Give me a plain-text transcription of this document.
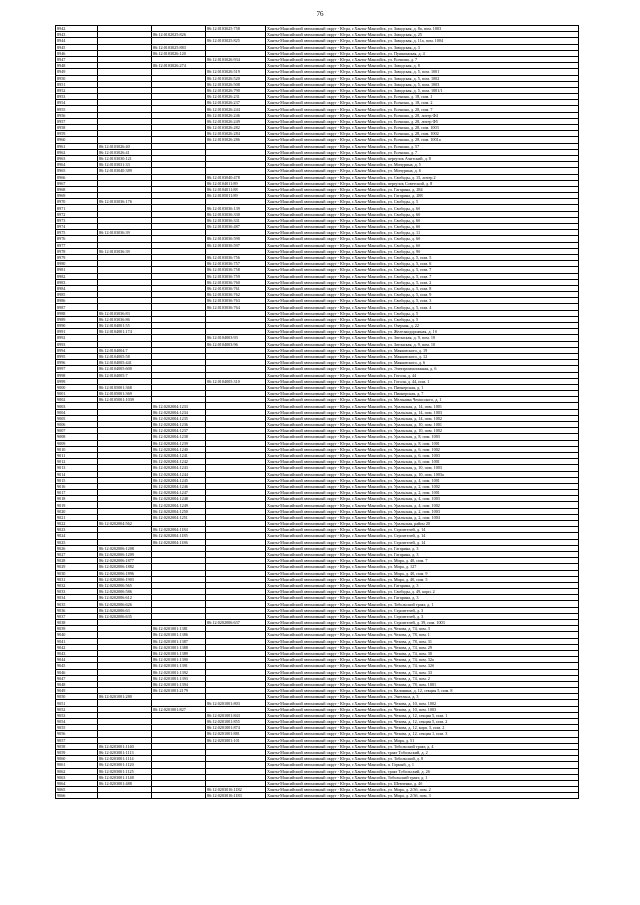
76
8942			86:12:0103025:758	Ханты-Мансийский автономный округ - Югра, г.Ханты-Мансийск, ул. Заводская, д. 8а, пом. 1003
8943		86:12:0102025:826		Ханты-Мансийский автономный округ - Югра, г.Ханты-Мансийск, ул. Заводская, д. 25
8944			86:12:0103025:825	Ханты-Мансийский автономный округ - Югра, г.Ханты-Мансийск, ул. Заводская, д. 11а, пом. 1004
8945		86:12:0103025:883		Ханты-Мансийский автономный округ - Югра, г.Ханты-Мансийск, ул. Заводская, д. 3
8946		86:12:0103026:120		Ханты-Мансийский автономный округ - Югра, г.Ханты-Мансийск, ул. Пушкинская, д. 4
8947			86:12:0103026:934	Ханты-Мансийский автономный округ - Югра, г.Ханты-Мансийск, ул. Есенина, д. 7
8948		86:12:0103026:274		Ханты-Мансийский автономный округ - Югра, г.Ханты-Мансийск, ул. Заводская, д. 8
8949			86:12:0103026:519	Ханты-Мансийский автономный округ - Югра, г.Ханты-Мансийск, ул. Заводская, д. 5, пом. 1001
8950			86:12:0103026:520	Ханты-Мансийский автономный округ - Югра, г.Ханты-Мансийск, ул. Заводская, д. 5, пом. 1002
8951			86:12:0103026:508	Ханты-Мансийский автономный округ - Югра, г.Ханты-Мансийск, ул. Заводская, д. 5, пом. 1003
8952			86:12:0103026:790	Ханты-Мансийский автономный округ - Югра, г.Ханты-Мансийск, ул. Заводская, д. 5, пом. 1001/1
8953			86:12:0103026:231	Ханты-Мансийский автономный округ - Югра, г.Ханты-Мансийск, ул. Есенина, д. 18, пом. 1
8954			86:12:0103026:237	Ханты-Мансийский автономный округ - Югра, г.Ханты-Мансийск, ул. Есенина, д. 18, пом. 2
8955			86:12:0103026:244	Ханты-Мансийский автономный округ - Югра, г.Ханты-Мансийск, ул. Есенина, д. 28, пом. 7
8956			86:12:0103026:246	Ханты-Мансийский автономный округ - Югра, г.Ханты-Мансийск, ул. Есенина, д. 28, литер Ф4
8957			86:12:0103026:249	Ханты-Мансийский автономный округ - Югра, г.Ханты-Мансийск, ул. Есенина, д. 28, литер Ф5
8958			86:12:0103026:282	Ханты-Мансийский автономный округ - Югра, г.Ханты-Мансийск, ул. Есенина, д. 28, пом. 1003
8959			86:12:0103026:284	Ханты-Мансийский автономный округ - Югра, г.Ханты-Мансийск, ул. Есенина, д. 28, пом. 1002
8960			86:12:0103026:286	Ханты-Мансийский автономный округ - Югра, г.Ханты-Мансийск, ул. Есенина, д. 28, пом. 1001а
8961	86:12:0103026:40			Ханты-Мансийский автономный округ - Югра, г.Ханты-Мансийск, ул. Есенина, д. 57
8962	86:12:0103026:41			Ханты-Мансийский автономный округ - Югра, г.Ханты-Мансийск, ул. Есенина, д. 7
8963	86:12:0103030:121			Ханты-Мансийский автономный округ - Югра, г.Ханты-Мансийск, переулок Ачитский, д. 8
8964	86:12:0103031:33			Ханты-Мансийский автономный округ - Югра, г.Ханты-Мансийск, ул. Мичурина, д. 5
8965	86:12:0103040:389			Ханты-Мансийский автономный округ - Югра, г.Ханты-Мансийск, ул. Мичурина, д. 6
8966			86:12:0103040:478	Ханты-Мансийский автономный округ - Югра, г.Ханты-Мансийск, ул. Свободы, д. 15, литер 2
8967			86:12:0104011:89	Ханты-Мансийский автономный округ - Югра, г.Ханты-Мансийск, переулок Советский, д. 8
8968			86:12:0104011:88	Ханты-Мансийский автономный округ - Югра, г.Ханты-Мансийск, ул. Гагарина, д. 284
8969			86:12:0105011:89	Ханты-Мансийский автономный округ - Югра, г.Ханты-Мансийск, ул. Гагарина, д. 288
8970	86:12:0103036:176			Ханты-Мансийский автономный округ - Югра, г.Ханты-Мансийск, ул. Свободы, д. 5
8971			86:12:0103036:139	Ханты-Мансийский автономный округ - Югра, г.Ханты-Мансийск, ул. Свободы, д. 6б
8972			86:12:0103036:330	Ханты-Мансийский автономный округ - Югра, г.Ханты-Мансийск, ул. Свободы, д. 6б
8973			86:12:0103036:331	Ханты-Мансийский автономный округ - Югра, г.Ханты-Мансийск, ул. Свободы, д. 6б
8974			86:12:0103036:487	Ханты-Мансийский автономный округ - Югра, г.Ханты-Мансийск, ул. Свободы, д. 6б
8975	86:12:0103036:39			Ханты-Мансийский автономный округ - Югра, г.Ханты-Мансийск, ул. Свободы, д. 11
8976			86:12:0103036:590	Ханты-Мансийский автономный округ - Югра, г.Ханты-Мансийск, ул. Свободы, д. 6б
8977			86:12:0103036:597	Ханты-Мансийский автономный округ - Югра, г.Ханты-Мансийск, ул. Свободы, д. 6б
8978	86:12:0103036:39			Ханты-Мансийский автономный округ - Югра, г.Ханты-Мансийск, ул. Свободы, д. 9б
8979			86:12:0103036:756	Ханты-Мансийский автономный округ - Югра, г.Ханты-Мансийск, ул. Свободы, д. 5, пом. 5
8980			86:12:0103036:757	Ханты-Мансийский автономный округ - Югра, г.Ханты-Мансийск, ул. Свободы, д. 5, пом. 6
8981			86:12:0103036:758	Ханты-Мансийский автономный округ - Югра, г.Ханты-Мансийск, ул. Свободы, д. 5, пом. 7
8982			86:12:0103036:759	Ханты-Мансийский автономный округ - Югра, г.Ханты-Мансийск, ул. Свободы, д. 5, пом. 7
8983			86:12:0103036:760	Ханты-Мансийский автономный округ - Югра, г.Ханты-Мансийск, ул. Свободы, д. 5, пом. 2
8984			86:12:0103036:761	Ханты-Мансийский автономный округ - Югра, г.Ханты-Мансийск, ул. Свободы, д. 5, пом. 8
8985			86:12:0103036:762	Ханты-Мансийский автономный округ - Югра, г.Ханты-Мансийск, ул. Свободы, д. 5, пом. 9
8986			86:12:0103036:763	Ханты-Мансийский автономный округ - Югра, г.Ханты-Мансийск, ул. Свободы, д. 5, пом. 3
8987			86:12:0103036:764	Ханты-Мансийский автономный округ - Югра, г.Ханты-Мансийск, ул. Свободы, д. 5, пом. 4
8988	86:12:0103036:83			Ханты-Мансийский автономный округ - Югра, г.Ханты-Мансийск, ул. Свободы, д. 5
8989	86:12:0103036:86			Ханты-Мансийский автономный округ - Югра, г.Ханты-Мансийск, ул. Свободы, д. 5
8990	86:12:0104001:55			Ханты-Мансийский автономный округ - Югра, г.Ханты-Мансийск, ул. Озерная, д. 22
8991	86:12:0104001:174			Ханты-Мансийский автономный округ - Югра, г.Ханты-Мансийск, ул. Железнодорожная, д. 1б
8992			86:12:0104003:93	Ханты-Мансийский автономный округ - Югра, г.Ханты-Мансийск, ул. Затонская, д. 9, пом. 10
8993			86:12:0104003:96	Ханты-Мансийский автономный округ - Югра, г.Ханты-Мансийск, ул. Затонская, д. 9, пом. 10
8994	86:12:0104004:7			Ханты-Мансийский автономный округ - Югра, г.Ханты-Мансийск, ул. Маяковского, д. 19
8995	86:12:0104005:58			Ханты-Мансийский автономный округ - Югра, г.Ханты-Мансийск, ул. Маяковского, д. 12
8996	86:12:0104005:441			Ханты-Мансийский автономный округ - Югра, г.Ханты-Мансийск, ул. Маяковского, д. 6
8997	86:12:0104005:600			Ханты-Мансийский автономный округ - Югра, г.Ханты-Мансийск, ул. Электромонтажная, д. 6
8998	86:12:0104005:7			Ханты-Мансийский автономный округ - Югра, г.Ханты-Мансийск, ул. Гоголя, д. 44
8999			86:12:0104005:310	Ханты-Мансийский автономный округ - Югра, г.Ханты-Мансийск, ул. Гоголя, д. 44, пом. 1
9000	86:12:0105001:368			Ханты-Мансийский автономный округ - Югра, г.Ханты-Мансийск, ул. Пионерская, д. 1
9001	86:12:0105001:369			Ханты-Мансийский автономный округ - Югра, г.Ханты-Мансийск, ул. Пионерская, д. 7
9002	86:12:0105001:1039			Ханты-Мансийский автономный округ - Югра, г.Ханты-Мансийск, ул. Мельника Чемасского, д. 1
9003		86:12:0202004:1233		Ханты-Мансийский автономный округ - Югра, г.Ханты-Мансийск, ул. Уральская, д. 14, пом. 1001
9004		86:12:0202004:1234		Ханты-Мансийский автономный округ - Югра, г.Ханты-Мансийск, ул. Уральская, д. 14, пом. 1003
9005		86:12:0202004:1235		Ханты-Мансийский автономный округ - Югра, г.Ханты-Мансийск, ул. Уральская, д. 14, пом. 1002
9006		86:12:0202004:1236		Ханты-Мансийский автономный округ - Югра, г.Ханты-Мансийск, ул. Уральская, д. 10, пом. 1001
9007		86:12:0202004:1237		Ханты-Мансийский автономный округ - Югра, г.Ханты-Мансийск, ул. Уральская, д. 10, пом. 1002
9008		86:12:0202004:1238		Ханты-Мансийский автономный округ - Югра, г.Ханты-Мансийск, ул. Уральская, д. 8, пом. 1003
9009		86:12:0202004:1239		Ханты-Мансийский автономный округ - Югра, г.Ханты-Мансийск, ул. Уральская, д. 8, пом. 1001
9010		86:12:0202004:1240		Ханты-Мансийский автономный округ - Югра, г.Ханты-Мансийск, ул. Уральская, д. 6, пом. 1002
9011		86:12:0202004:1241		Ханты-Мансийский автономный округ - Югра, г.Ханты-Мансийск, ул. Уральская, д. 6, пом. 1003
9012		86:12:0202004:1242		Ханты-Мансийский автономный округ - Югра, г.Ханты-Мансийск, ул. Уральская, д. 6, пом. 1001
9013		86:12:0202004:1243		Ханты-Мансийский автономный округ - Югра, г.Ханты-Мансийск, ул. Уральская, д. 10, пом. 1003
9014		86:12:0202004:1244		Ханты-Мансийский автономный округ - Югра, г.Ханты-Мансийск, ул. Уральская, д. 10, пом. 1003а
9015		86:12:0202004:1245		Ханты-Мансийский автономный округ - Югра, г.Ханты-Мансийск, ул. Уральская, д. 4, пом. 1001
9016		86:12:0202004:1246		Ханты-Мансийский автономный округ - Югра, г.Ханты-Мансийск, ул. Уральская, д. 2, пом. 1002
9017		86:12:0202004:1247		Ханты-Мансийский автономный округ - Югра, г.Ханты-Мансийск, ул. Уральская, д. 2, пом. 1001
9018		86:12:0202004:1248		Ханты-Мансийский автономный округ - Югра, г.Ханты-Мансийск, ул. Уральская, д. 4, пом. 1003
9019		86:12:0202004:1249		Ханты-Мансийский автономный округ - Югра, г.Ханты-Мансийск, ул. Уральская, д. 4, пом. 1002
9020		86:12:0202004:1250		Ханты-Мансийский автономный округ - Югра, г.Ханты-Мансийск, ул. Уральская, д. 2, пом. 1003
9021		86:12:0202004:1251		Ханты-Мансийский автономный округ - Югра, г.Ханты-Мансийск, ул. Уральская, д. 2, пом. 1004
9022	86:12:0202004:562			Ханты-Мансийский автономный округ - Югра, г.Ханты-Мансийск, ул. Уральская, район 20
9023		86:12:0202004:1184		Ханты-Мансийский автономный округ - Югра, г.Ханты-Мансийск, ул. Строителей, д. 14
9024		86:12:0202004:1185		Ханты-Мансийский автономный округ - Югра, г.Ханты-Мансийск, ул. Строителей, д. 14
9025		86:12:0202004:1186		Ханты-Мансийский автономный округ - Югра, г.Ханты-Мансийск, ул. Строителей, д. 14
9026	86:12:0202006:1208			Ханты-Мансийский автономный округ - Югра, г.Ханты-Мансийск, ул. Гагарина, д. 3
9027	86:12:0202006:1209			Ханты-Мансийский автономный округ - Югра, г.Ханты-Мансийск, ул. Гагарина, д. 3
9028	86:12:0202006:1877			Ханты-Мансийский автономный округ - Югра, г.Ханты-Мансийск, ул. Мира, д. 40, пом. 7
9029	86:12:0202006:1882			Ханты-Мансийский автономный округ - Югра, г.Ханты-Мансийск, ул. Мира, д. 127
9030	86:12:0202006:1896			Ханты-Мансийский автономный округ - Югра, г.Ханты-Мансийск, ул. Мира, д. 40, пом. 9
9031	86:12:0202006:1903			Ханты-Мансийский автономный округ - Югра, г.Ханты-Мансийск, ул. Мира, д. 40, пом. 5
9032	86:12:0202006:565			Ханты-Мансийский автономный округ - Югра, г.Ханты-Мансийск, ул. Гагарина, д. 3
9033	86:12:0202006:586			Ханты-Мансийский автономный округ - Югра, г.Ханты-Мансийск, ул. Свободы, д. 49, корп. 2
9034	86:12:0202006:612			Ханты-Мансийский автономный округ - Югра, г.Ханты-Мансийск, ул. Гагарина, д. 3
9035	86:12:0202006:626			Ханты-Мансийский автономный округ - Югра, г.Ханты-Мансийск, ул. Тобольский тракт, д. 1
9036	86:12:0202006:63			Ханты-Мансийский автономный округ - Югра, г.Ханты-Мансийск, ул. Строителей, д. 3
9037	86:12:0202006:635			Ханты-Мансийский автономный округ - Югра, г.Ханты-Мансийск, ул. Строителей, д. 3
9038			86:12:0202006:637	Ханты-Мансийский автономный округ - Югра, г.Ханты-Мансийск, ул. Строителей, д. 39, пом. 1003
9039		86:12:0201001:1381		Ханты-Мансийский автономный округ - Югра, г.Ханты-Мансийск, ул. Чехова, д. 74, пом. 3
9040		86:12:0201001:1386		Ханты-Мансийский автономный округ - Югра, г.Ханты-Мансийск, ул. Чехова, д. 78, пом. 1
9041		86:12:0201001:1387		Ханты-Мансийский автономный округ - Югра, г.Ханты-Мансийск, ул. Чехова, д. 78, пом. 31
9042		86:12:0201001:1388		Ханты-Мансийский автономный округ - Югра, г.Ханты-Мансийск, ул. Чехова, д. 74, пом. 29
9043		86:12:0201001:1389		Ханты-Мансийский автономный округ - Югра, г.Ханты-Мансийск, ул. Чехова, д. 74, пом. 30
9044		86:12:0201001:1390		Ханты-Мансийский автономный округ - Югра, г.Ханты-Мансийск, ул. Чехова, д. 74, пом. 32а
9045		86:12:0201001:1391		Ханты-Мансийский автономный округ - Югра, г.Ханты-Мансийск, ул. Чехова, д. 74, пом. 32б
9046		86:12:0201001:1392		Ханты-Мансийский автономный округ - Югра, г.Ханты-Мансийск, ул. Чехова, д. 74, пом. 33
9047		86:12:0201001:1393		Ханты-Мансийский автономный округ - Югра, г.Ханты-Мансийск, ул. Чехова, д. 74, пом. 2
9048		86:12:0201001:1394		Ханты-Мансийский автономный округ - Югра, г.Ханты-Мансийск, ул. Чехова, д. 78, пом. 1001
9049		86:12:0201001:2179		Ханты-Мансийский автономный округ - Югра, г.Ханты-Мансийск, ул. Калинина, д. 12, секция 5, пом. 8
9050	86:12:0201001:280			Ханты-Мансийский автономный округ - Югра, г.Ханты-Мансийск, ул. Энгельса, д. 3
9051			86:12:0201001:803	Ханты-Мансийский автономный округ - Югра, г.Ханты-Мансийск, ул. Чехова, д. 10, пом. 1002
9052		86:12:0201001:827		Ханты-Мансийский автономный округ - Югра, г.Ханты-Мансийск, ул. Чехова, д. 10, пом. 1003
9053			86:12:0201001:843	Ханты-Мансийский автономный округ - Югра, г.Ханты-Мансийск, ул. Чехова, д. 12, секция 5, пом. 1
9054			86:12:0201001:855	Ханты-Мансийский автономный округ - Югра, г.Ханты-Мансийск, ул. Чехова, д. 12, секция 5, пом. 2
9055			86:12:0201001:874	Ханты-Мансийский автономный округ - Югра, г.Ханты-Мансийск, ул. Чехова, д. 12, корп. 5, пом. 2
9056			86:12:0201001:881	Ханты-Мансийский автономный округ - Югра, г.Ханты-Мансийск, ул. Чехова, д. 12, секция 1, пом. 3
9057			86:12:0203001:101	Ханты-Мансийский автономный округ - Югра, г.Ханты-Мансийск, ул. Мира, д. 51
9058	86:12:0203001:1140			Ханты-Мансийский автономный округ - Югра, г.Ханты-Мансийск, ул. Тобольский тракт, д. 4
9059	86:12:0203001:1113			Ханты-Мансийский автономный округ - Югра, г.Ханты-Мансийск, тракт Тобольский, д. 2
9060	86:12:0203001:1114			Ханты-Мансийский автономный округ - Югра, г.Ханты-Мансийск, ул. Тобольский, д. 8
9061	86:12:0203001:1120			Ханты-Мансийский автономный округ - Югра, г.Ханты-Мансийск, п. Горный, д. 1
9062	86:12:0203001:1125			Ханты-Мансийский автономный округ - Югра, г.Ханты-Мансийск, тракт Тобольский, д. 26
9063	86:12:0203001:1148			Ханты-Мансийский автономный округ - Югра, г.Ханты-Мансийск, Тобольский тракт, д. 1
9064	86:12:0203001:488			Ханты-Мансийский автономный округ - Югра, г.Ханты-Мансийск, ул. Шевченко, д. 4б
9065			86:12:0203016:1182	Ханты-Мансийский автономный округ - Югра, г.Ханты-Мансийск, ул. Мира, д. 2/3б, пом. 2
9066			86:12:0203016:1183	Ханты-Мансийский автономный округ - Югра, г.Ханты-Мансийск, ул. Мира, д. 2/3б, пом. 3
